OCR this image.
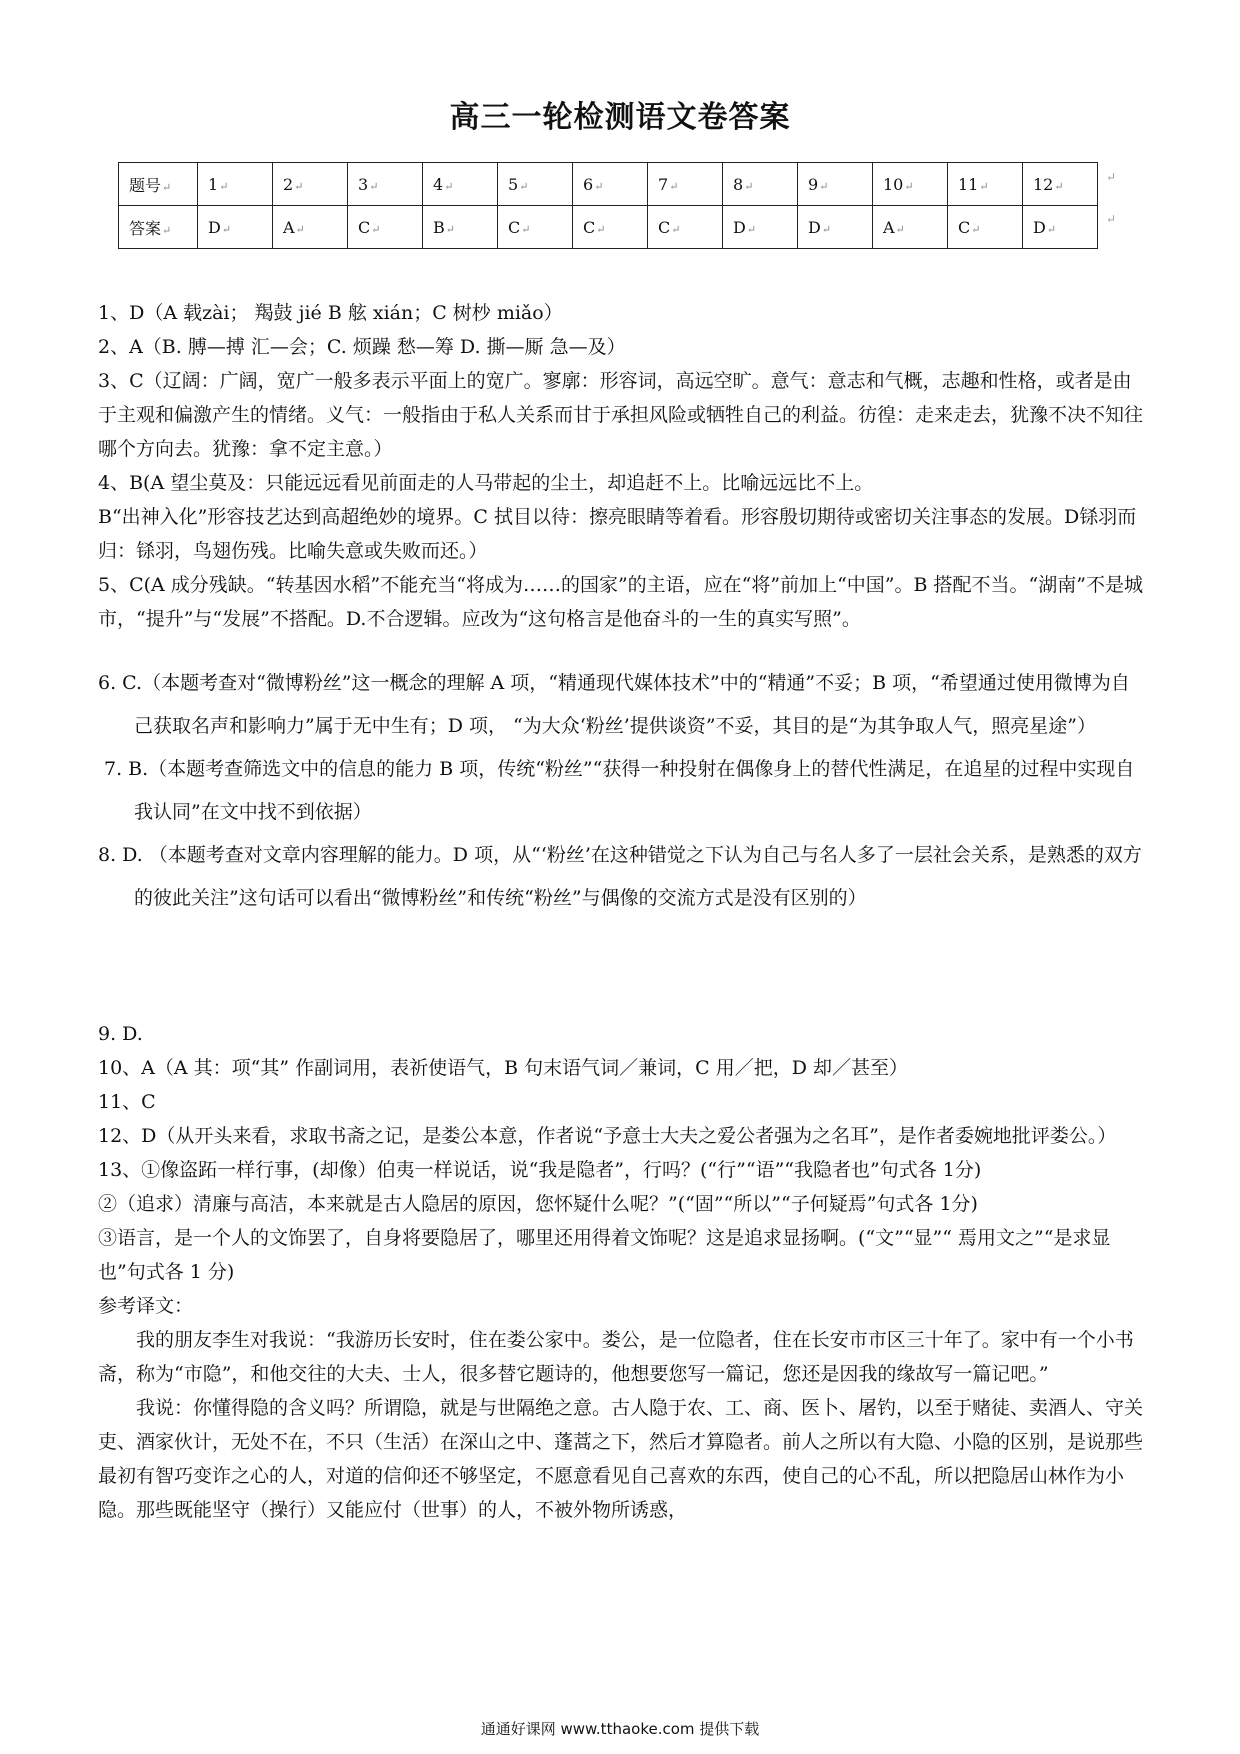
高三一轮检测语文卷答案
题号↵	1↵	2↵	3↵	4↵	5↵	6↵	7↵	8↵	9↵	10↵	11↵	12↵
答案↵	D↵	A↵	C↵	B↵	C↵	C↵	C↵	D↵	D↵	A↵	C↵	D↵
↵
↵

1、D（A 载zài； 羯鼓 jié B 舷 xián；C 树杪 miǎo）

2、A（B. 膊—搏 汇—会；C. 烦躁 愁—筹 D. 撕—厮 急—及）

3、C（辽阔：广阔，宽广一般多表示平面上的宽广。寥廓：形容词，高远空旷。意气：意志和气概，志趣和性格，或者是由于主观和偏激产生的情绪。义气：一般指由于私人关系而甘于承担风险或牺牲自己的利益。彷徨：走来走去，犹豫不决不知往哪个方向去。犹豫：拿不定主意。）

4、B(A 望尘莫及：只能远远看见前面走的人马带起的尘土，却追赶不上。比喻远远比不上。

B“出神入化”形容技艺达到高超绝妙的境界。C 拭目以待：擦亮眼睛等着看。形容殷切期待或密切关注事态的发展。D铩羽而归：铩羽，鸟翅伤残。比喻失意或失败而还。）

5、C(A 成分残缺。“转基因水稻”不能充当“将成为……的国家”的主语，应在“将”前加上“中国”。B 搭配不当。“湖南”不是城市，“提升”与“发展”不搭配。D.不合逻辑。应改为“这句格言是他奋斗的一生的真实写照”。

6. C.（本题考查对“微博粉丝”这一概念的理解 A 项，“精通现代媒体技术”中的“精通”不妥；B 项，“希望通过使用微博为自己获取名声和影响力”属于无中生有；D 项， “为大众‘粉丝’提供谈资”不妥，其目的是“为其争取人气，照亮星途”）

7. B.（本题考查筛选文中的信息的能力 B 项，传统“粉丝”“获得一种投射在偶像身上的替代性满足，在追星的过程中实现自我认同”在文中找不到依据）

8. D. （本题考查对文章内容理解的能力。D 项，从“‘粉丝’在这种错觉之下认为自己与名人多了一层社会关系，是熟悉的双方的彼此关注”这句话可以看出“微博粉丝”和传统“粉丝”与偶像的交流方式是没有区别的）

9. D.

10、A（A 其：项“其” 作副词用，表祈使语气，B 句末语气词／兼词，C 用／把，D 却／甚至）

11、C

12、D（从开头来看，求取书斋之记，是娄公本意，作者说“予意士大夫之爱公者强为之名耳”，是作者委婉地批评娄公。）

13、①像盗跖一样行事，(却像）伯夷一样说话，说“我是隐者”，行吗？(“行”“语”“我隐者也”句式各 1分)

②（追求）清廉与高洁，本来就是古人隐居的原因，您怀疑什么呢？”(“固”“所以”“子何疑焉”句式各 1分)

③语言，是一个人的文饰罢了，自身将要隐居了，哪里还用得着文饰呢？这是追求显扬啊。(“文”“显”“ 焉用文之”“是求显也”句式各 1 分)

参考译文：

我的朋友李生对我说：“我游历长安时，住在娄公家中。娄公，是一位隐者，住在长安市市区三十年了。家中有一个小书斋，称为“市隐”，和他交往的大夫、士人，很多替它题诗的，他想要您写一篇记，您还是因我的缘故写一篇记吧。”

我说：你懂得隐的含义吗？所谓隐，就是与世隔绝之意。古人隐于农、工、商、医卜、屠钓，以至于赌徒、卖酒人、守关吏、酒家伙计，无处不在，不只（生活）在深山之中、蓬蒿之下，然后才算隐者。前人之所以有大隐、小隐的区别，是说那些最初有智巧变诈之心的人，对道的信仰还不够坚定，不愿意看见自己喜欢的东西，使自己的心不乱，所以把隐居山林作为小隐。那些既能坚守（操行）又能应付（世事）的人，不被外物所诱惑，

通通好课网 www.tthaoke.com 提供下载
